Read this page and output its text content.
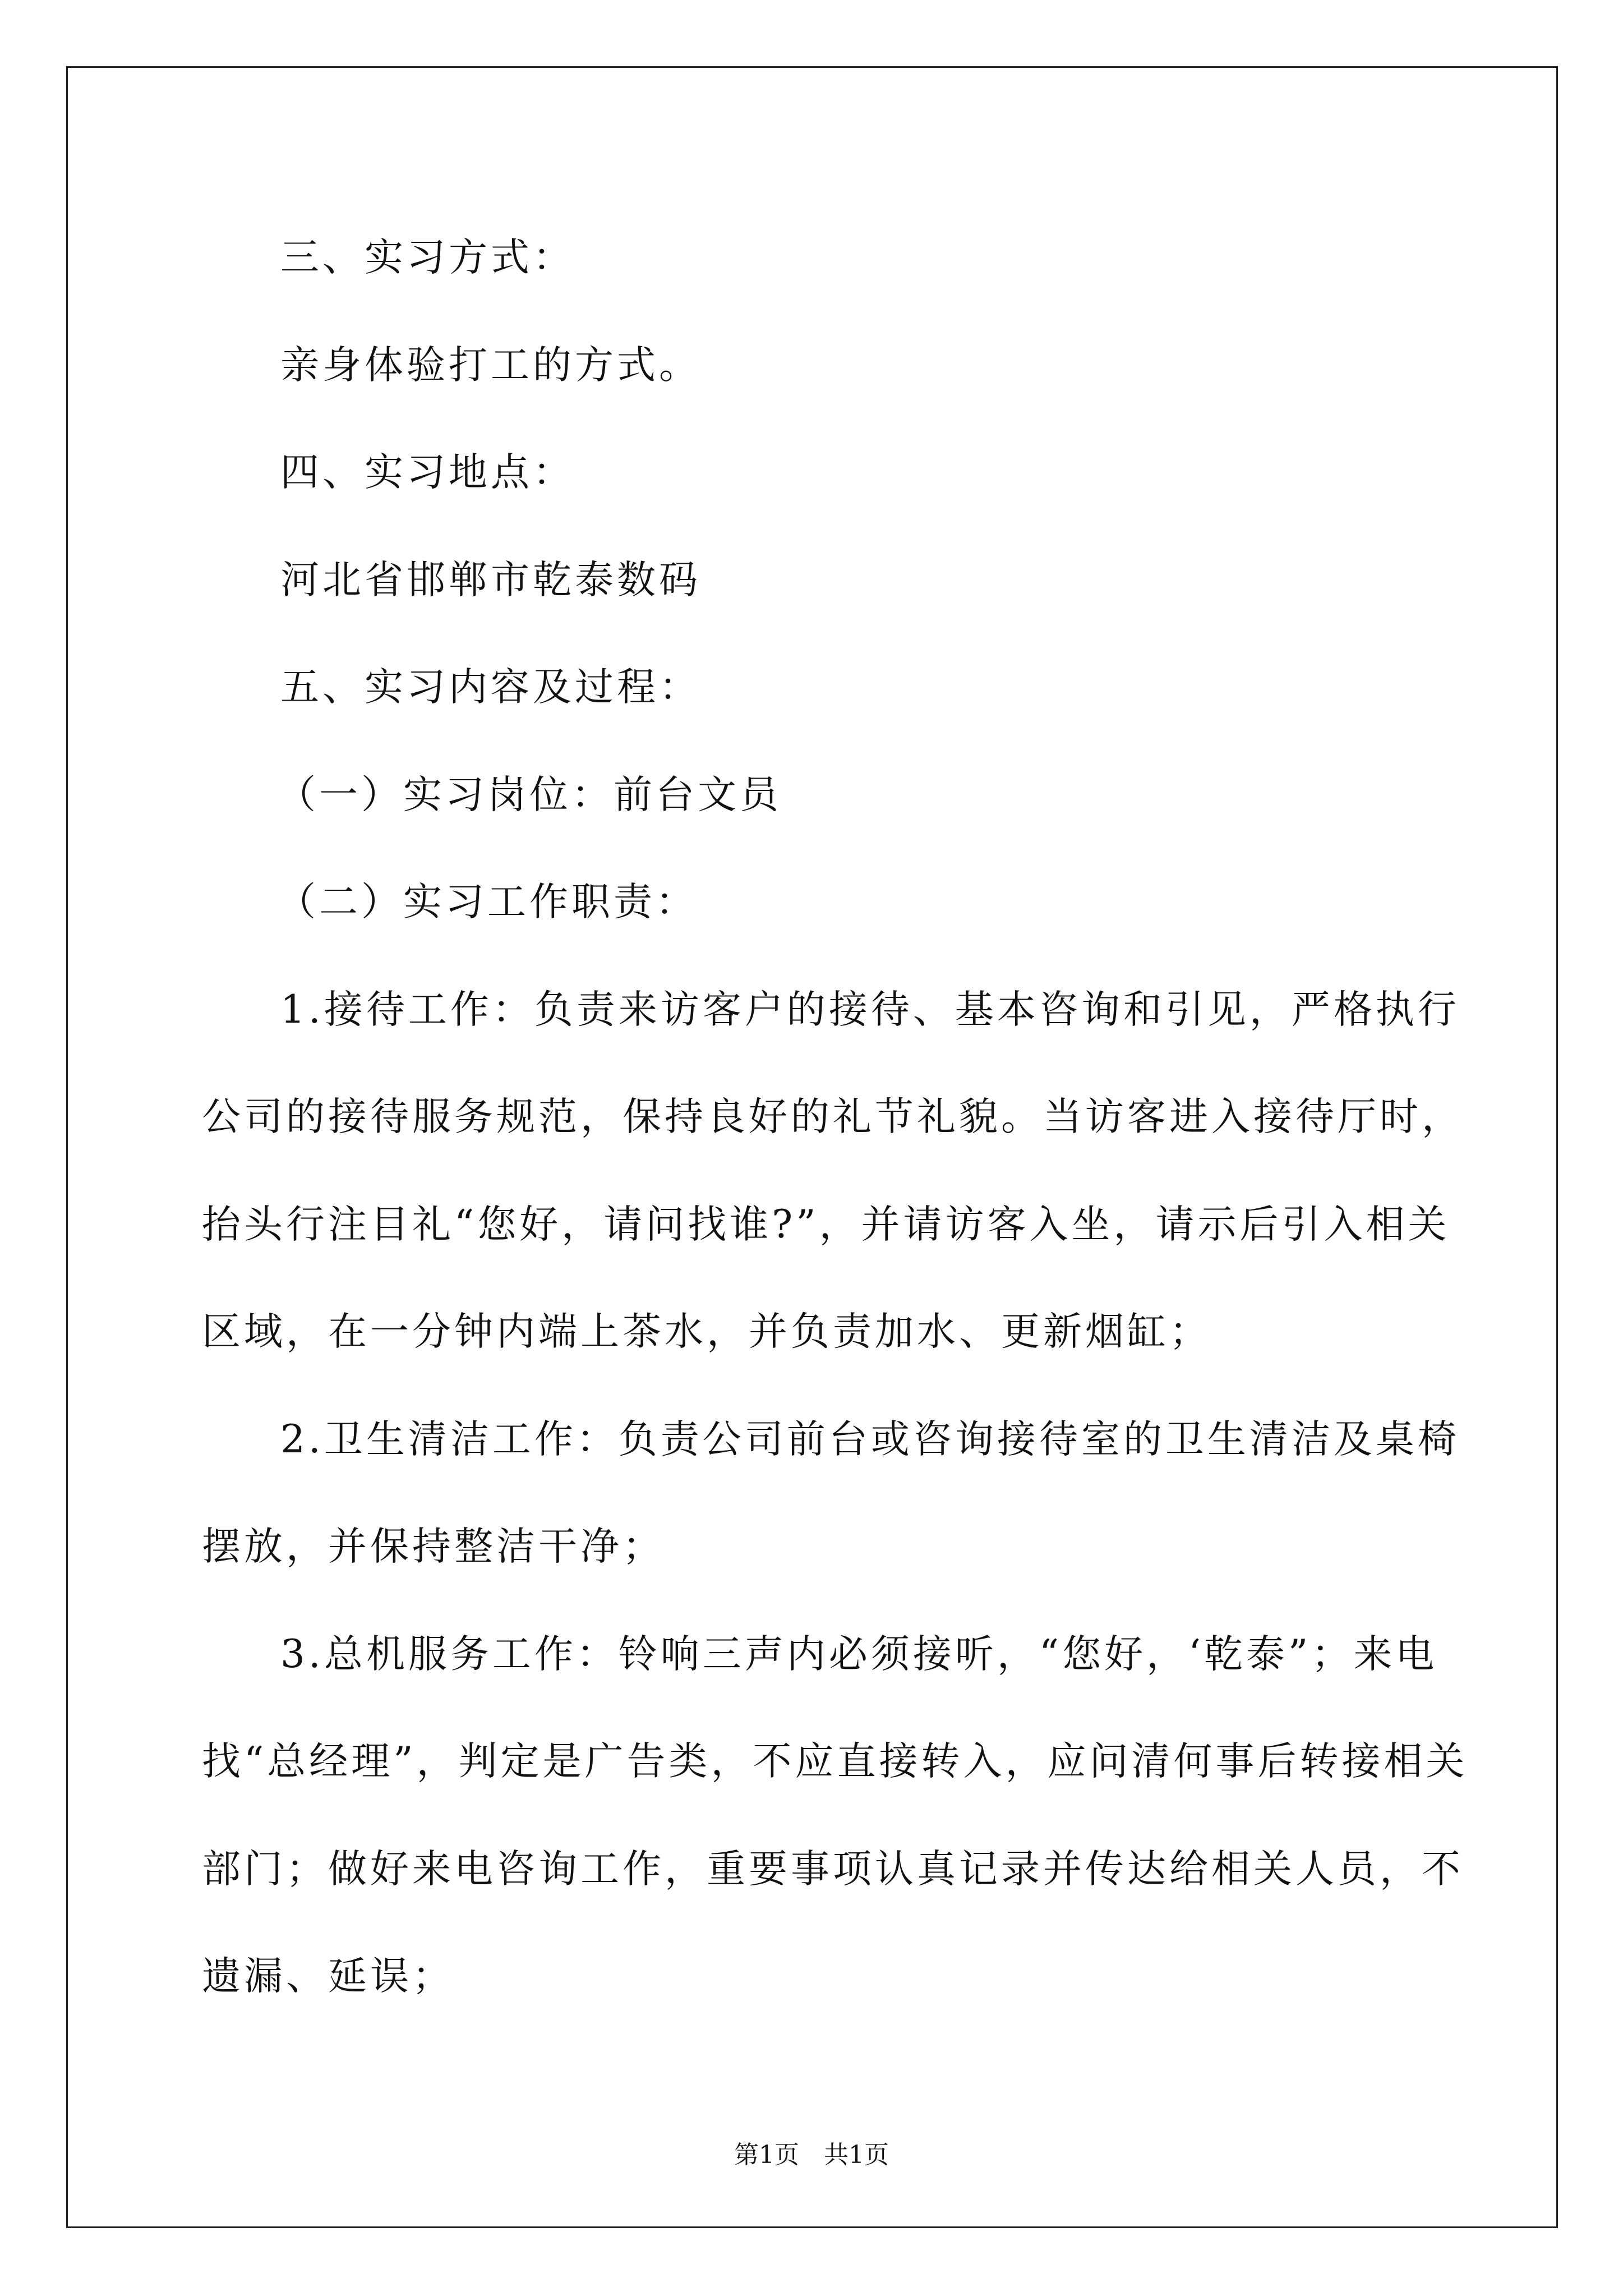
三、实习方式：
亲身体验打工的方式。
四、实习地点：
河北省邯郸市乾泰数码
五、实习内容及过程：
（一）实习岗位：前台文员
（二）实习工作职责：
1.接待工作：负责来访客户的接待、基本咨询和引见，严格执行
公司的接待服务规范，保持良好的礼节礼貌。当访客进入接待厅时，
抬头行注目礼“您好，请问找谁?”，并请访客入坐，请示后引入相关
区域，在一分钟内端上茶水，并负责加水、更新烟缸；
2.卫生清洁工作：负责公司前台或咨询接待室的卫生清洁及桌椅
摆放，并保持整洁干净；
3.总机服务工作：铃响三声内必须接听，“您好，‘乾泰”；来电
找“总经理”，判定是广告类，不应直接转入，应问清何事后转接相关
部门；做好来电咨询工作，重要事项认真记录并传达给相关人员，不
遗漏、延误；
第1页　共1页
